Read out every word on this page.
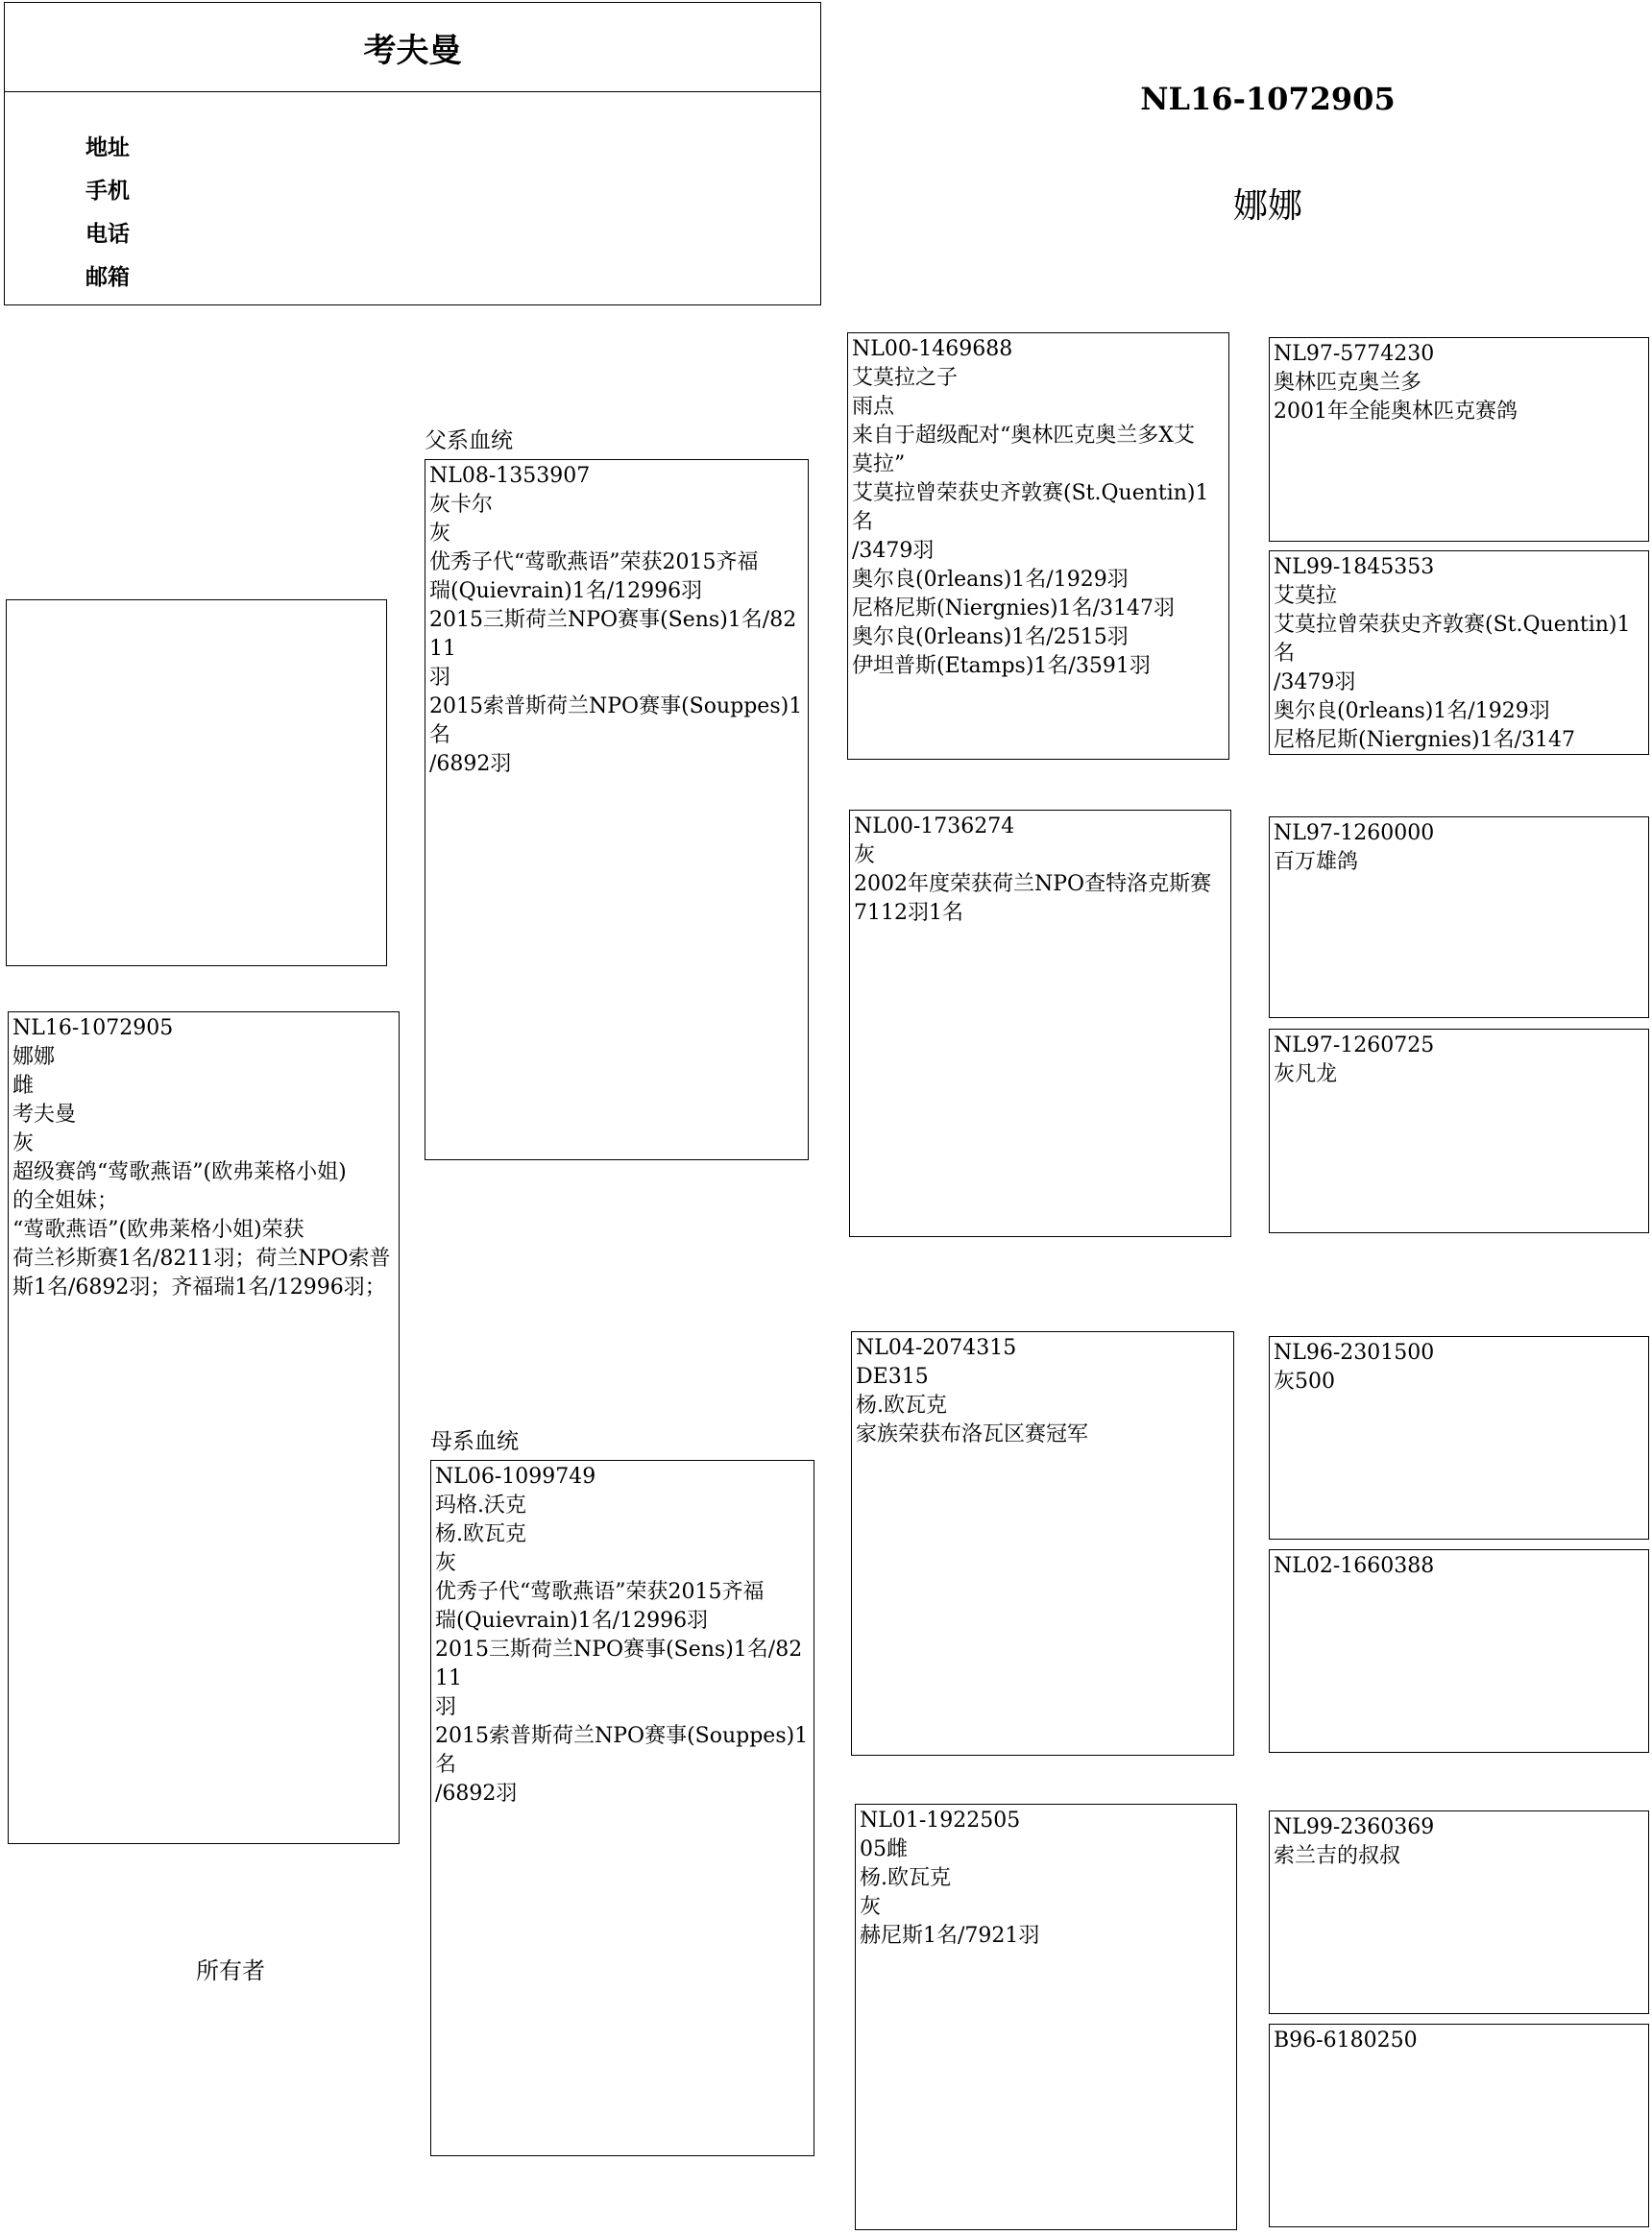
考夫曼
地址
手机
电话
邮箱
NL16-1072905
娜娜
父系血统
母系血统
NL16-1072905
娜娜
雌
考夫曼
灰
超级赛鸽“莺歌燕语”(欧弗莱格小姐)
的全姐妹；
“莺歌燕语”(欧弗莱格小姐)荣获
荷兰衫斯赛1名/8211羽；荷兰NPO索普
斯1名/6892羽；齐福瑞1名/12996羽；
NL08-1353907
灰卡尔
灰
优秀子代“莺歌燕语”荣获2015齐福
瑞(Quievrain)1名/12996羽
2015三斯荷兰NPO赛事(Sens)1名/8211
羽
2015索普斯荷兰NPO赛事(Souppes)1名
/6892羽
NL06-1099749
玛格.沃克
杨.欧瓦克
灰
优秀子代“莺歌燕语”荣获2015齐福
瑞(Quievrain)1名/12996羽
2015三斯荷兰NPO赛事(Sens)1名/8211
羽
2015索普斯荷兰NPO赛事(Souppes)1名
/6892羽
NL00-1469688
艾莫拉之子
雨点
来自于超级配对“奥林匹克奥兰多X艾
莫拉”
艾莫拉曾荣获史齐敦赛(St.Quentin)1名
/3479羽
奥尔良(0rleans)1名/1929羽
尼格尼斯(Niergnies)1名/3147羽
奥尔良(0rleans)1名/2515羽
伊坦普斯(Etamps)1名/3591羽
NL00-1736274
灰
2002年度荣获荷兰NPO查特洛克斯赛
7112羽1名
NL04-2074315
DE315
杨.欧瓦克
家族荣获布洛瓦区赛冠军
NL01-1922505
05雌
杨.欧瓦克
灰
赫尼斯1名/7921羽
NL97-5774230
奥林匹克奥兰多
2001年全能奥林匹克赛鸽
NL99-1845353
艾莫拉
艾莫拉曾荣获史齐敦赛(St.Quentin)1名
/3479羽
奥尔良(0rleans)1名/1929羽
尼格尼斯(Niergnies)1名/3147
NL97-1260000
百万雄鸽
NL97-1260725
灰凡龙
NL96-2301500
灰500
NL02-1660388
NL99-2360369
索兰吉的叔叔
B96-6180250
所有者
